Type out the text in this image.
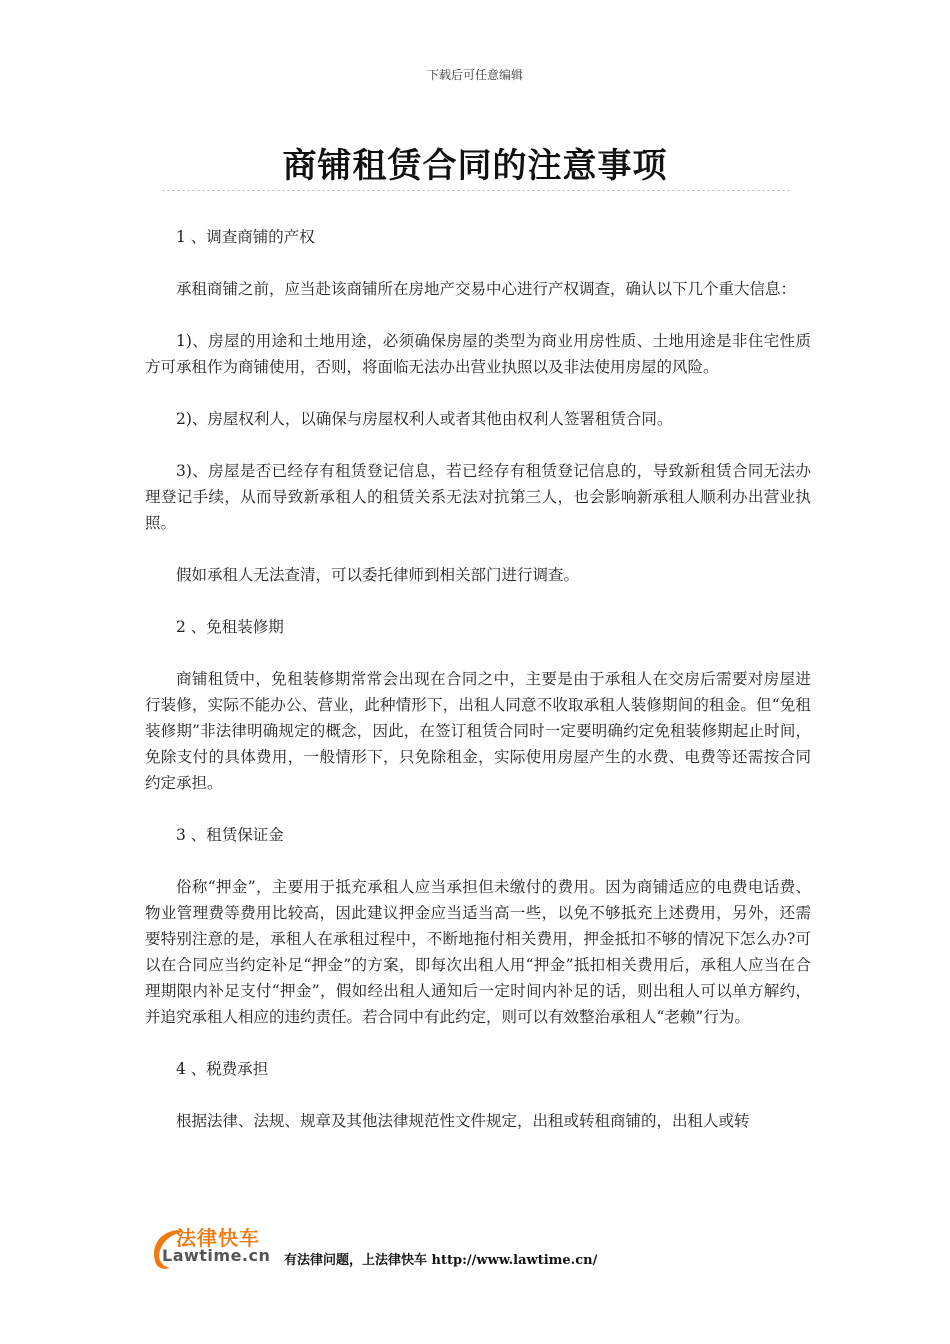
下载后可任意编辑
商铺租赁合同的注意事项

1 、调查商铺的产权

承租商铺之前，应当赴该商铺所在房地产交易中心进行产权调查，确认以下几个重大信息：

1)、房屋的用途和土地用途，必须确保房屋的类型为商业用房性质、土地用途是非住宅性质方可承租作为商铺使用，否则，将面临无法办出营业执照以及非法使用房屋的风险。

2)、房屋权利人，以确保与房屋权利人或者其他由权利人签署租赁合同。

3)、房屋是否已经存有租赁登记信息，若已经存有租赁登记信息的，导致新租赁合同无法办理登记手续，从而导致新承租人的租赁关系无法对抗第三人，也会影响新承租人顺利办出营业执照。

假如承租人无法查清，可以委托律师到相关部门进行调查。

2 、免租装修期

商铺租赁中，免租装修期常常会出现在合同之中，主要是由于承租人在交房后需要对房屋进行装修，实际不能办公、营业，此种情形下，出租人同意不收取承租人装修期间的租金。但“免租装修期”非法律明确规定的概念，因此，在签订租赁合同时一定要明确约定免租装修期起止时间，免除支付的具体费用，一般情形下，只免除租金，实际使用房屋产生的水费、电费等还需按合同约定承担。

3 、租赁保证金

俗称“押金”，主要用于抵充承租人应当承担但未缴付的费用。因为商铺适应的电费电话费、物业管理费等费用比较高，因此建议押金应当适当高一些，以免不够抵充上述费用，另外，还需要特别注意的是，承租人在承租过程中，不断地拖付相关费用，押金抵扣不够的情况下怎么办?可以在合同应当约定补足“押金”的方案，即每次出租人用“押金”抵扣相关费用后，承租人应当在合理期限内补足支付“押金”，假如经出租人通知后一定时间内补足的话，则出租人可以单方解约，并追究承租人相应的违约责任。若合同中有此约定，则可以有效整治承租人“老赖”行为。

4 、税费承担

根据法律、法规、规章及其他法律规范性文件规定，出租或转租商铺的，出租人或转

法律快车
Lawtime.cn 有法律问题，上法律快车 http://www.lawtime.cn/
